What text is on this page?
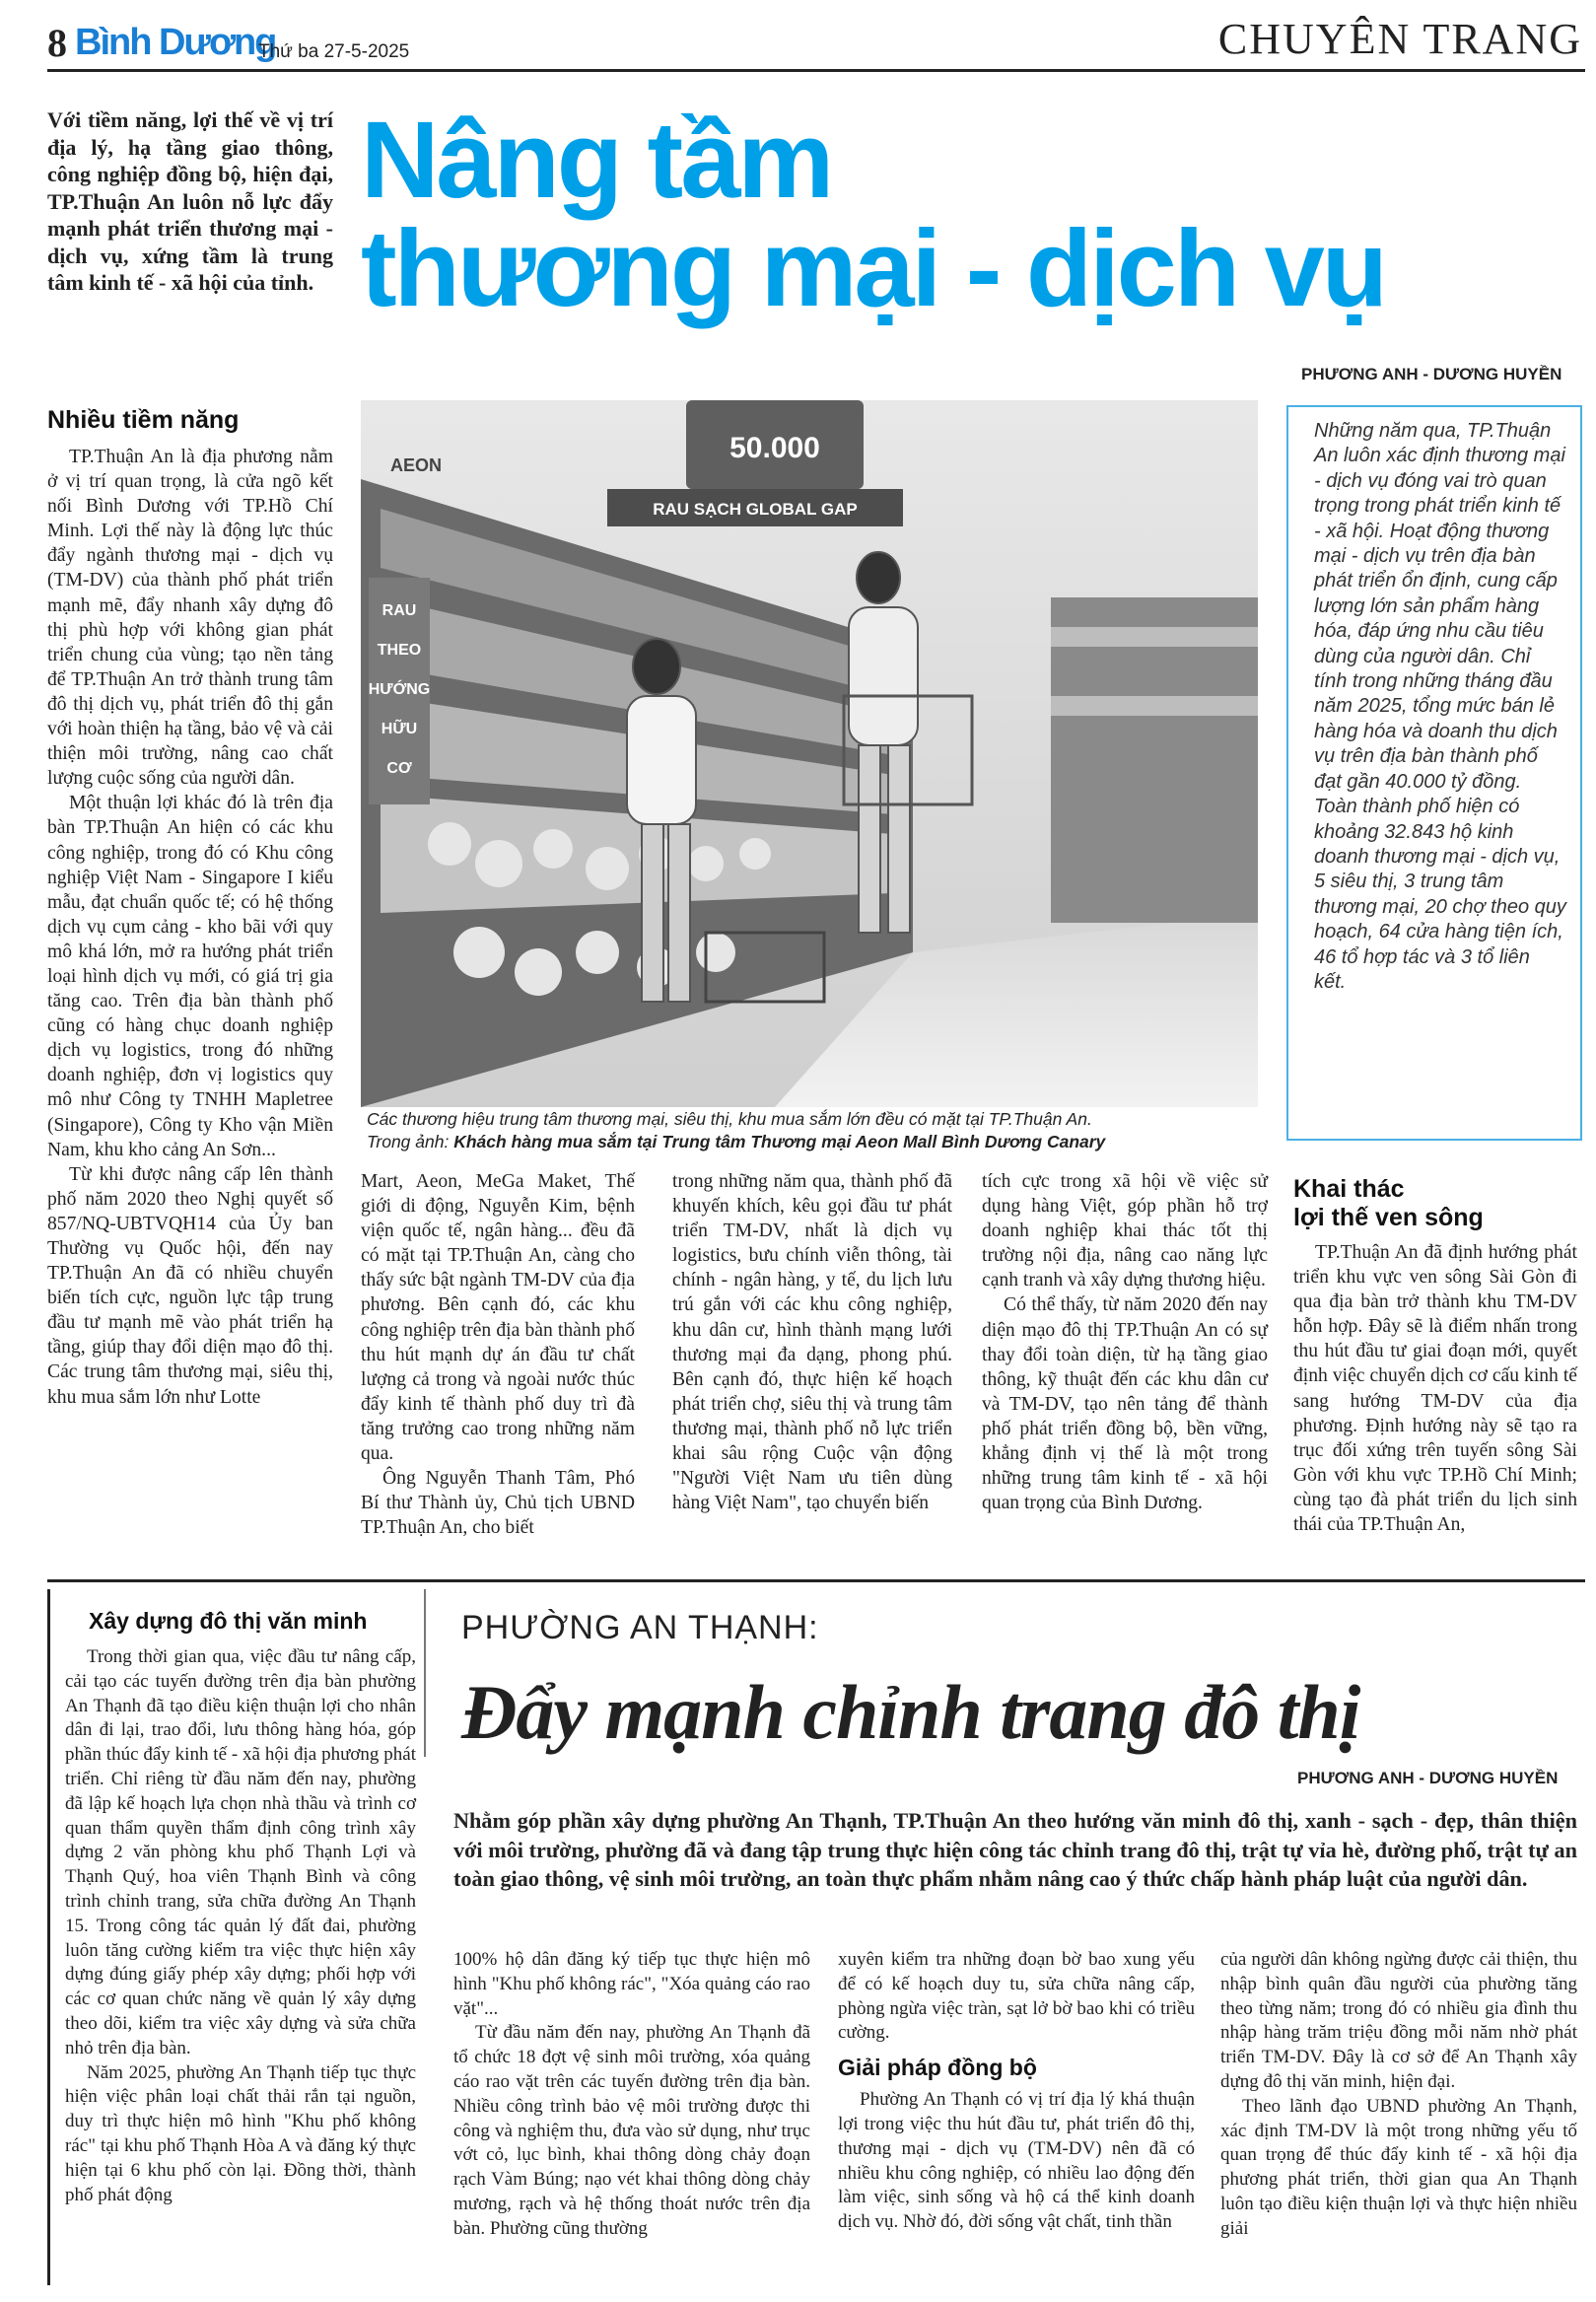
8 Bình Dương
Thứ ba 27-5-2025	CHUYÊN TRANG
Với tiềm năng, lợi thế về vị trí địa lý, hạ tầng giao thông, công nghiệp đồng bộ, hiện đại, TP.Thuận An luôn nỗ lực đẩy mạnh phát triển thương mại - dịch vụ, xứng tầm là trung tâm kinh tế - xã hội của tỉnh.
Nâng tầm
thương mại - dịch vụ
PHƯƠNG ANH - DƯƠNG HUYỀN
Nhiều tiềm năng

TP.Thuận An là địa phương nằm ở vị trí quan trọng, là cửa ngõ kết nối Bình Dương với TP.Hồ Chí Minh. Lợi thế này là động lực thúc đẩy ngành thương mại - dịch vụ (TM-DV) của thành phố phát triển mạnh mẽ, đẩy nhanh xây dựng đô thị phù hợp với không gian phát triển chung của vùng; tạo nền tảng để TP.Thuận An trở thành trung tâm đô thị dịch vụ, phát triển đô thị gắn với hoàn thiện hạ tầng, bảo vệ và cải thiện môi trường, nâng cao chất lượng cuộc sống của người dân.

Một thuận lợi khác đó là trên địa bàn TP.Thuận An hiện có các khu công nghiệp, trong đó có Khu công nghiệp Việt Nam - Singapore I kiểu mẫu, đạt chuẩn quốc tế; có hệ thống dịch vụ cụm cảng - kho bãi với quy mô khá lớn, mở ra hướng phát triển loại hình dịch vụ mới, có giá trị gia tăng cao. Trên địa bàn thành phố cũng có hàng chục doanh nghiệp dịch vụ logistics, trong đó những doanh nghiệp, đơn vị logistics quy mô như Công ty TNHH Mapletree (Singapore), Công ty Kho vận Miền Nam, khu kho cảng An Sơn...

Từ khi được nâng cấp lên thành phố năm 2020 theo Nghị quyết số 857/NQ-UBTVQH14 của Ủy ban Thường vụ Quốc hội, đến nay TP.Thuận An đã có nhiều chuyển biến tích cực, nguồn lực tập trung đầu tư mạnh mẽ vào phát triển hạ tầng, giúp thay đổi diện mạo đô thị. Các trung tâm thương mại, siêu thị, khu mua sắm lớn như Lotte

50.000
RAU SẠCH GLOBAL GAP
AEON
RAU
THEO
HƯỚNG
HỮU
CƠ
Các thương hiệu trung tâm thương mại, siêu thị, khu mua sắm lớn đều có mặt tại TP.Thuận An.
Trong ảnh: Khách hàng mua sắm tại Trung tâm Thương mại Aeon Mall Bình Dương Canary
Những năm qua, TP.Thuận An luôn xác định thương mại - dịch vụ đóng vai trò quan trọng trong phát triển kinh tế - xã hội. Hoạt động thương mại - dịch vụ trên địa bàn phát triển ổn định, cung cấp lượng lớn sản phẩm hàng hóa, đáp ứng nhu cầu tiêu dùng của người dân. Chỉ tính trong những tháng đầu năm 2025, tổng mức bán lẻ hàng hóa và doanh thu dịch vụ trên địa bàn thành phố đạt gần 40.000 tỷ đồng. Toàn thành phố hiện có khoảng 32.843 hộ kinh doanh thương mại - dịch vụ, 5 siêu thị, 3 trung tâm thương mại, 20 chợ theo quy hoạch, 64 cửa hàng tiện ích, 46 tổ hợp tác và 3 tổ liên kết.

Mart, Aeon, MeGa Maket, Thế giới di động, Nguyễn Kim, bệnh viện quốc tế, ngân hàng... đều đã có mặt tại TP.Thuận An, càng cho thấy sức bật ngành TM-DV của địa phương. Bên cạnh đó, các khu công nghiệp trên địa bàn thành phố thu hút mạnh dự án đầu tư chất lượng cả trong và ngoài nước thúc đẩy kinh tế thành phố duy trì đà tăng trưởng cao trong những năm qua.

Ông Nguyễn Thanh Tâm, Phó Bí thư Thành ủy, Chủ tịch UBND TP.Thuận An, cho biết

trong những năm qua, thành phố đã khuyến khích, kêu gọi đầu tư phát triển TM-DV, nhất là dịch vụ logistics, bưu chính viễn thông, tài chính - ngân hàng, y tế, du lịch lưu trú gắn với các khu công nghiệp, khu dân cư, hình thành mạng lưới thương mại đa dạng, phong phú. Bên cạnh đó, thực hiện kế hoạch phát triển chợ, siêu thị và trung tâm thương mại, thành phố nỗ lực triển khai sâu rộng Cuộc vận động "Người Việt Nam ưu tiên dùng hàng Việt Nam", tạo chuyển biến

tích cực trong xã hội về việc sử dụng hàng Việt, góp phần hỗ trợ doanh nghiệp khai thác tốt thị trường nội địa, nâng cao năng lực cạnh tranh và xây dựng thương hiệu.

Có thể thấy, từ năm 2020 đến nay diện mạo đô thị TP.Thuận An có sự thay đổi toàn diện, từ hạ tầng giao thông, kỹ thuật đến các khu dân cư và TM-DV, tạo nên tảng để thành phố phát triển đồng bộ, bền vững, khẳng định vị thế là một trong những trung tâm kinh tế - xã hội quan trọng của Bình Dương.

Khai thác
lợi thế ven sông

TP.Thuận An đã định hướng phát triển khu vực ven sông Sài Gòn đi qua địa bàn trở thành khu TM-DV hỗn hợp. Đây sẽ là điểm nhấn trong thu hút đầu tư giai đoạn mới, quyết định việc chuyển dịch cơ cấu kinh tế sang hướng TM-DV của địa phương. Định hướng này sẽ tạo ra trục đối xứng trên tuyến sông Sài Gòn với khu vực TP.Hồ Chí Minh; cùng tạo đà phát triển du lịch sinh thái của TP.Thuận An,

Xây dựng đô thị văn minh

Trong thời gian qua, việc đầu tư nâng cấp, cải tạo các tuyến đường trên địa bàn phường An Thạnh đã tạo điều kiện thuận lợi cho nhân dân đi lại, trao đổi, lưu thông hàng hóa, góp phần thúc đẩy kinh tế - xã hội địa phương phát triển. Chỉ riêng từ đầu năm đến nay, phường đã lập kế hoạch lựa chọn nhà thầu và trình cơ quan thẩm quyền thẩm định công trình xây dựng 2 văn phòng khu phố Thạnh Lợi và Thạnh Quý, hoa viên Thạnh Bình và công trình chỉnh trang, sửa chữa đường An Thạnh 15. Trong công tác quản lý đất đai, phường luôn tăng cường kiểm tra việc thực hiện xây dựng đúng giấy phép xây dựng; phối hợp với các cơ quan chức năng về quản lý xây dựng theo dõi, kiểm tra việc xây dựng và sửa chữa nhỏ trên địa bàn.

Năm 2025, phường An Thạnh tiếp tục thực hiện việc phân loại chất thải rắn tại nguồn, duy trì thực hiện mô hình "Khu phố không rác" tại khu phố Thạnh Hòa A và đăng ký thực hiện tại 6 khu phố còn lại. Đồng thời, thành phố phát động

PHƯỜNG AN THẠNH:
Đẩy mạnh chỉnh trang đô thị
PHƯƠNG ANH - DƯƠNG HUYỀN
Nhằm góp phần xây dựng phường An Thạnh, TP.Thuận An theo hướng văn minh đô thị, xanh - sạch - đẹp, thân thiện với môi trường, phường đã và đang tập trung thực hiện công tác chỉnh trang đô thị, trật tự vỉa hè, đường phố, trật tự an toàn giao thông, vệ sinh môi trường, an toàn thực phẩm nhằm nâng cao ý thức chấp hành pháp luật của người dân.

100% hộ dân đăng ký tiếp tục thực hiện mô hình "Khu phố không rác", "Xóa quảng cáo rao vặt"...

Từ đầu năm đến nay, phường An Thạnh đã tổ chức 18 đợt vệ sinh môi trường, xóa quảng cáo rao vặt trên các tuyến đường trên địa bàn. Nhiều công trình bảo vệ môi trường được thi công và nghiệm thu, đưa vào sử dụng, như trục vớt cỏ, lục bình, khai thông dòng chảy đoạn rạch Vàm Búng; nạo vét khai thông dòng chảy mương, rạch và hệ thống thoát nước trên địa bàn. Phường cũng thường

xuyên kiểm tra những đoạn bờ bao xung yếu để có kế hoạch duy tu, sửa chữa nâng cấp, phòng ngừa việc tràn, sạt lở bờ bao khi có triều cường.

Giải pháp đồng bộ

Phường An Thạnh có vị trí địa lý khá thuận lợi trong việc thu hút đầu tư, phát triển đô thị, thương mại - dịch vụ (TM-DV) nên đã có nhiều khu công nghiệp, có nhiều lao động đến làm việc, sinh sống và hộ cá thể kinh doanh dịch vụ. Nhờ đó, đời sống vật chất, tinh thần

của người dân không ngừng được cải thiện, thu nhập bình quân đầu người của phường tăng theo từng năm; trong đó có nhiều gia đình thu nhập hàng trăm triệu đồng mỗi năm nhờ phát triển TM-DV. Đây là cơ sở để An Thạnh xây dựng đô thị văn minh, hiện đại.

Theo lãnh đạo UBND phường An Thạnh, xác định TM-DV là một trong những yếu tố quan trọng để thúc đẩy kinh tế - xã hội địa phương phát triển, thời gian qua An Thạnh luôn tạo điều kiện thuận lợi và thực hiện nhiều giải
